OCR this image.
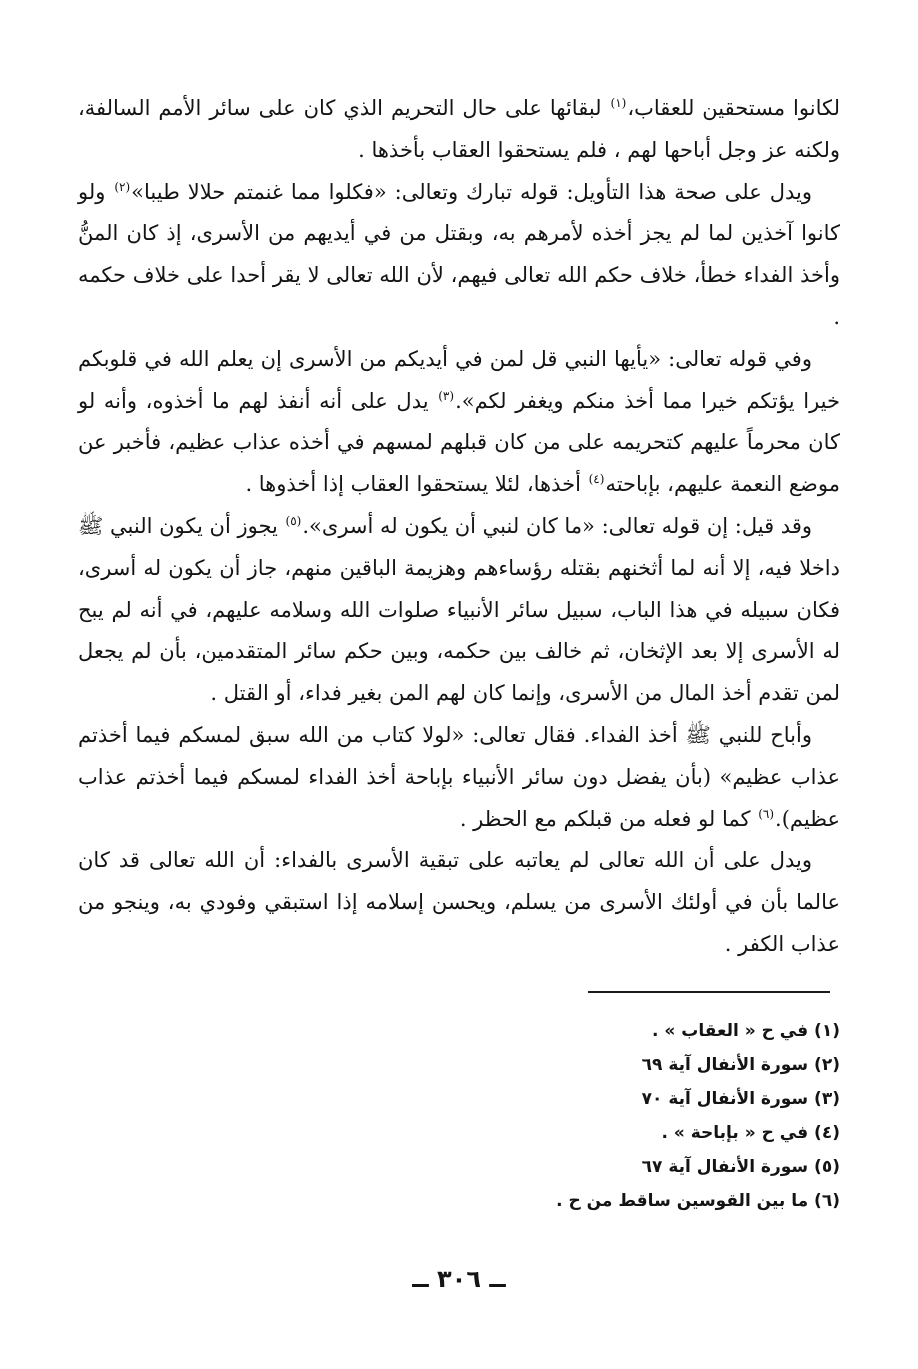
لكانوا مستحقين للعقاب،$^{(١)}$ لبقائها على حال التحريم الذي كان على سائر الأمم السالفة، ولكنه عز وجل أباحها لهم ، فلم يستحقوا العقاب بأخذها .

ويدل على صحة هذا التأويل: قوله تبارك وتعالى: «فكلوا مما غنمتم حلالا طيبا»$^{(٢)}$ ولو كانوا آخذين لما لم يجز أخذه لأمرهم به، وبقتل من في أيديهم من الأسرى، إذ كان المنُّ وأخذ الفداء خطأ، خلاف حكم الله تعالى فيهم، لأن الله تعالى لا يقر أحدا على خلاف حكمه .

وفي قوله تعالى: «يأيها النبي قل لمن في أيديكم من الأسرى إن يعلم الله في قلوبكم خيرا يؤتكم خيرا مما أخذ منكم ويغفر لكم».$^{(٣)}$ يدل على أنه أنفذ لهم ما أخذوه، وأنه لو كان محرماً عليهم كتحريمه على من كان قبلهم لمسهم في أخذه عذاب عظيم، فأخبر عن موضع النعمة عليهم، بإباحته$^{(٤)}$ أخذها، لئلا يستحقوا العقاب إذا أخذوها .

وقد قيل: إن قوله تعالى: «ما كان لنبي أن يكون له أسرى».$^{(٥)}$ يجوز أن يكون النبي ﷺ داخلا فيه، إلا أنه لما أثخنهم بقتله رؤساءهم وهزيمة الباقين منهم، جاز أن يكون له أسرى، فكان سبيله في هذا الباب، سبيل سائر الأنبياء صلوات الله وسلامه عليهم، في أنه لم يبح له الأسرى إلا بعد الإثخان، ثم خالف بين حكمه، وبين حكم سائر المتقدمين، بأن لم يجعل لمن تقدم أخذ المال من الأسرى، وإنما كان لهم المن بغير فداء، أو القتل .

وأباح للنبي ﷺ أخذ الفداء. فقال تعالى: «لولا كتاب من الله سبق لمسكم فيما أخذتم عذاب عظيم» (بأن يفضل دون سائر الأنبياء بإباحة أخذ الفداء لمسكم فيما أخذتم عذاب عظيم).$^{(٦)}$ كما لو فعله من قبلكم مع الحظر .

ويدل على أن الله تعالى لم يعاتبه على تبقية الأسرى بالفداء: أن الله تعالى قد كان عالما بأن في أولئك الأسرى من يسلم، ويحسن إسلامه إذا استبقي وفودي به، وينجو من عذاب الكفر .

(١) في ح « العقاب » .
(٢) سورة الأنفال آية ٦٩
(٣) سورة الأنفال آية ٧٠
(٤) في ح « بإباحة » .
(٥) سورة الأنفال آية ٦٧
(٦) ما بين القوسين ساقط من ح .
ــ ٣٠٦ ــ
